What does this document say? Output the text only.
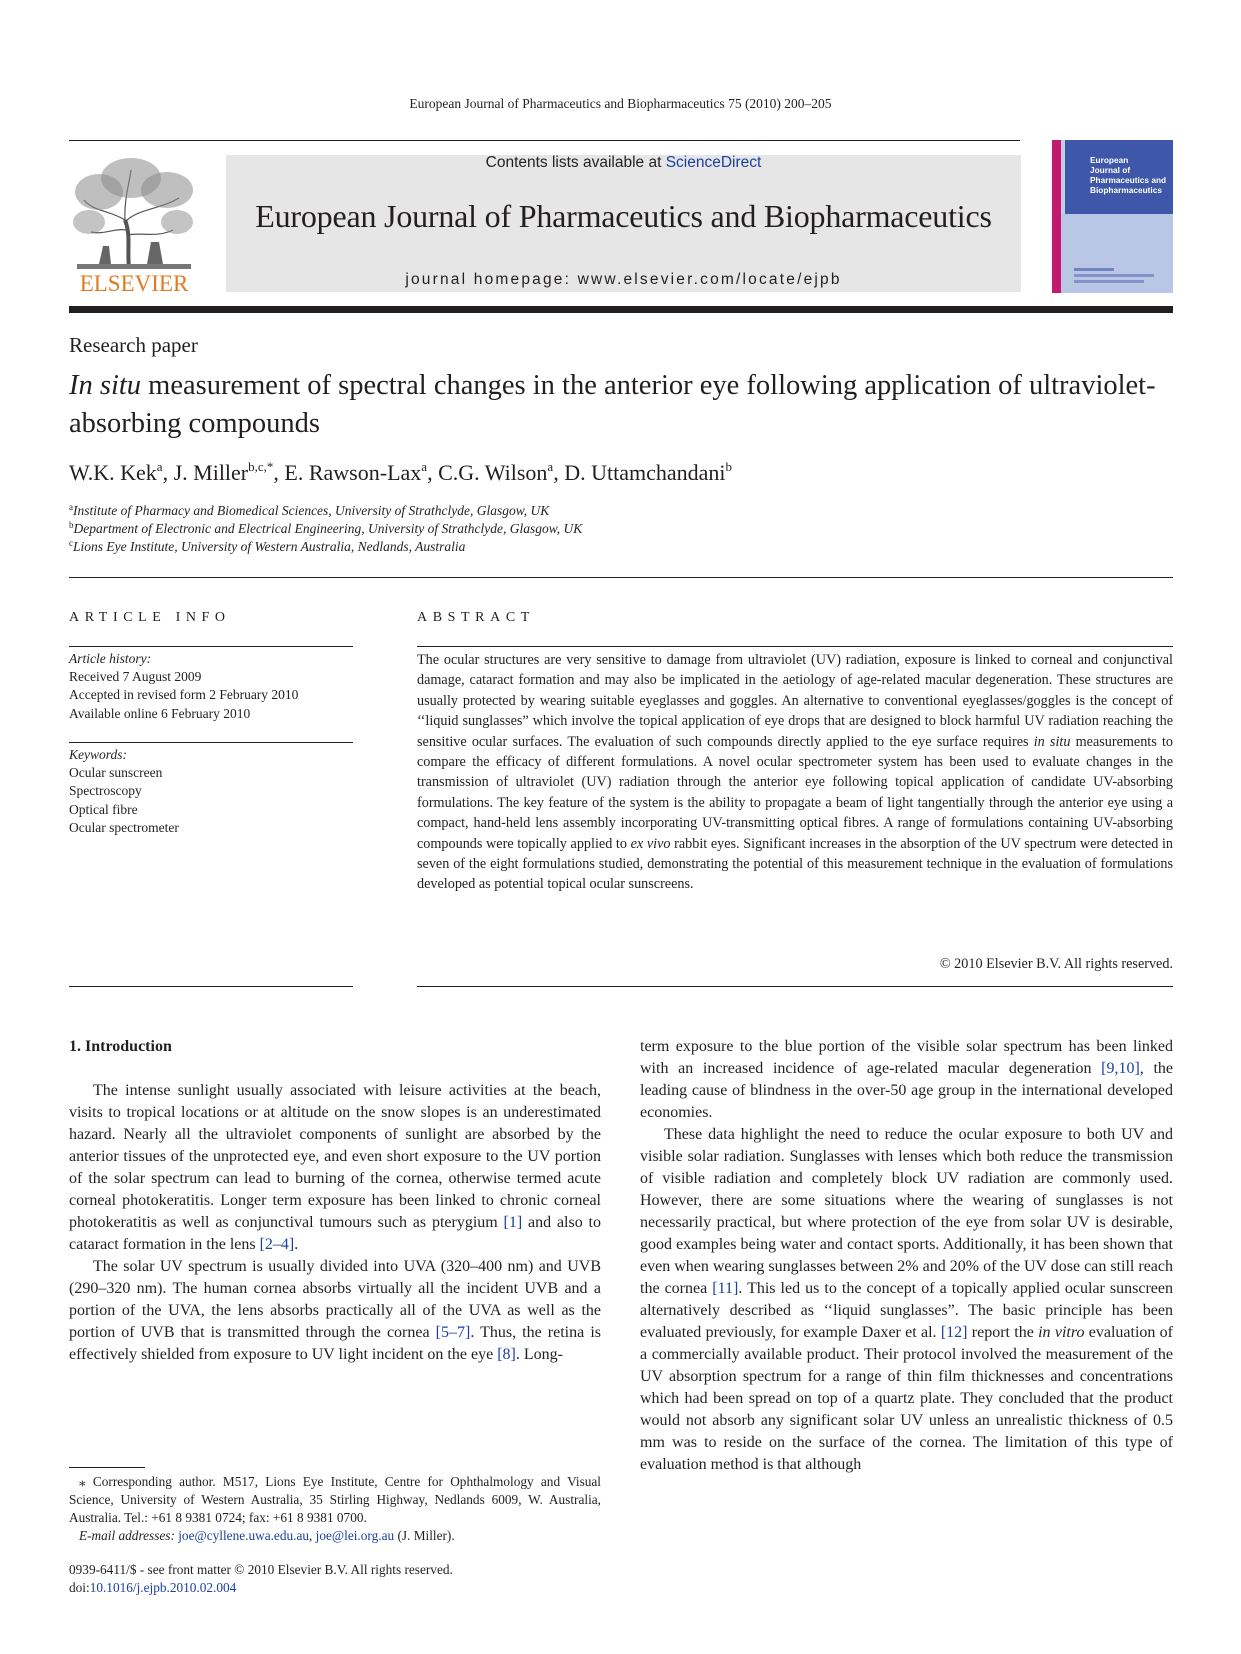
European Journal of Pharmaceutics and Biopharmaceutics 75 (2010) 200–205
ELSEVIER
Contents lists available at ScienceDirect
European Journal of Pharmaceutics and Biopharmaceutics
journal homepage: www.elsevier.com/locate/ejpb
European
Journal of
Pharmaceutics and
Biopharmaceutics
Research paper
In situ measurement of spectral changes in the anterior eye following application of ultraviolet-absorbing compounds
W.K. Kek$^a$, J. Miller$^{b,c,*}$, E. Rawson-Lax$^a$, C.G. Wilson$^a$, D. Uttamchandani$^b$
$^a$Institute of Pharmacy and Biomedical Sciences, University of Strathclyde, Glasgow, UK
$^b$Department of Electronic and Electrical Engineering, University of Strathclyde, Glasgow, UK
$^c$Lions Eye Institute, University of Western Australia, Nedlands, Australia
ARTICLE INFO	ABSTRACT
Article history:
Received 7 August 2009
Accepted in revised form 2 February 2010
Available online 6 February 2010
Keywords:
Ocular sunscreen
Spectroscopy
Optical fibre
Ocular spectrometer
The ocular structures are very sensitive to damage from ultraviolet (UV) radiation, exposure is linked to corneal and conjunctival damage, cataract formation and may also be implicated in the aetiology of age-related macular degeneration. These structures are usually protected by wearing suitable eyeglasses and goggles. An alternative to conventional eyeglasses/goggles is the concept of ‘‘liquid sunglasses” which involve the topical application of eye drops that are designed to block harmful UV radiation reaching the sensitive ocular surfaces. The evaluation of such compounds directly applied to the eye surface requires in situ measurements to compare the efficacy of different formulations. A novel ocular spectrometer system has been used to evaluate changes in the transmission of ultraviolet (UV) radiation through the anterior eye following topical application of candidate UV-absorbing formulations. The key feature of the system is the ability to propagate a beam of light tangentially through the anterior eye using a compact, hand-held lens assembly incorporating UV-transmitting optical fibres. A range of formulations containing UV-absorbing compounds were topically applied to ex vivo rabbit eyes. Significant increases in the absorption of the UV spectrum were detected in seven of the eight formulations studied, demonstrating the potential of this measurement technique in the evaluation of formulations developed as potential topical ocular sunscreens.
© 2010 Elsevier B.V. All rights reserved.
1. Introduction

The intense sunlight usually associated with leisure activities at the beach, visits to tropical locations or at altitude on the snow slopes is an underestimated hazard. Nearly all the ultraviolet components of sunlight are absorbed by the anterior tissues of the unprotected eye, and even short exposure to the UV portion of the solar spectrum can lead to burning of the cornea, otherwise termed acute corneal photokeratitis. Longer term exposure has been linked to chronic corneal photokeratitis as well as conjunctival tumours such as pterygium [1] and also to cataract formation in the lens [2–4].

The solar UV spectrum is usually divided into UVA (320–400 nm) and UVB (290–320 nm). The human cornea absorbs virtually all the incident UVB and a portion of the UVA, the lens absorbs practically all of the UVA as well as the portion of UVB that is transmitted through the cornea [5–7]. Thus, the retina is effectively shielded from exposure to UV light incident on the eye [8]. Long-

term exposure to the blue portion of the visible solar spectrum has been linked with an increased incidence of age-related macular degeneration [9,10], the leading cause of blindness in the over-50 age group in the international developed economies.

These data highlight the need to reduce the ocular exposure to both UV and visible solar radiation. Sunglasses with lenses which both reduce the transmission of visible radiation and completely block UV radiation are commonly used. However, there are some situations where the wearing of sunglasses is not necessarily practical, but where protection of the eye from solar UV is desirable, good examples being water and contact sports. Additionally, it has been shown that even when wearing sunglasses between 2% and 20% of the UV dose can still reach the cornea [11]. This led us to the concept of a topically applied ocular sunscreen alternatively described as ‘‘liquid sunglasses”. The basic principle has been evaluated previously, for example Daxer et al. [12] report the in vitro evaluation of a commercially available product. Their protocol involved the measurement of the UV absorption spectrum for a range of thin film thicknesses and concentrations which had been spread on top of a quartz plate. They concluded that the product would not absorb any significant solar UV unless an unrealistic thickness of 0.5 mm was to reside on the surface of the cornea. The limitation of this type of evaluation method is that although

⁎ Corresponding author. M517, Lions Eye Institute, Centre for Ophthalmology and Visual Science, University of Western Australia, 35 Stirling Highway, Nedlands 6009, W. Australia, Australia. Tel.: +61 8 9381 0724; fax: +61 8 9381 0700.

E-mail addresses: joe@cyllene.uwa.edu.au, joe@lei.org.au (J. Miller).

0939-6411/$ - see front matter © 2010 Elsevier B.V. All rights reserved.
doi:10.1016/j.ejpb.2010.02.004
